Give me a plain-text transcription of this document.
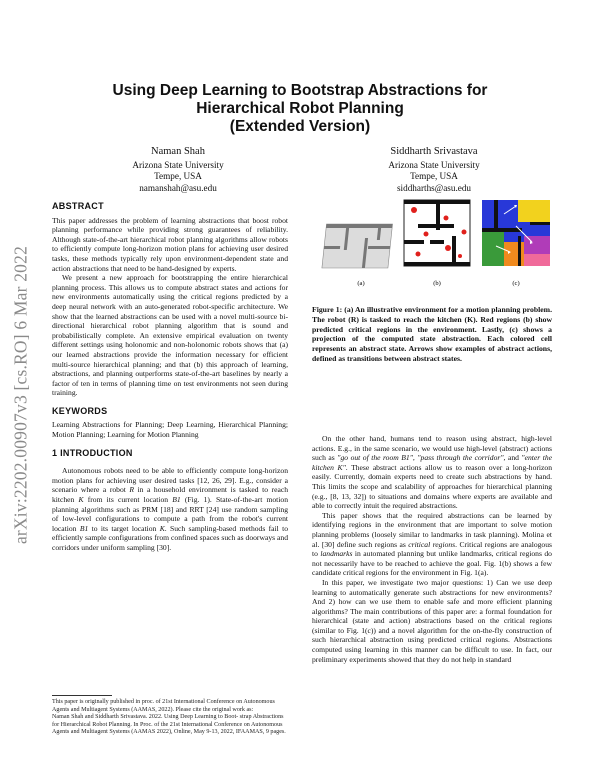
arXiv:2202.00907v3 [cs.RO] 6 Mar 2022
Using Deep Learning to Bootstrap Abstractions for
Hierarchical Robot Planning
(Extended Version)
Naman Shah
Arizona State University
Tempe, USA
namanshah@asu.edu
Siddharth Srivastava
Arizona State University
Tempe, USA
siddharths@asu.edu
ABSTRACT

This paper addresses the problem of learning abstractions that boost robot planning performance while providing strong guarantees of reliability. Although state-of-the-art hierarchical robot planning algorithms allow robots to efficiently compute long-horizon motion plans for achieving user desired tasks, these methods typically rely upon environment-dependent state and action abstractions that need to be hand-designed by experts.

We present a new approach for bootstrapping the entire hierarchical planning process. This allows us to compute abstract states and actions for new environments automatically using the critical regions predicted by a deep neural network with an auto-generated robot-specific architecture. We show that the learned abstractions can be used with a novel multi-source bi-directional hierarchical robot planning algorithm that is sound and probabilistically complete. An extensive empirical evaluation on twenty different settings using holonomic and non-holonomic robots shows that (a) our learned abstractions provide the information necessary for efficient multi-source hierarchical planning; and that (b) this approach of learning, abstractions, and planning outperforms state-of-the-art baselines by nearly a factor of ten in terms of planning time on test environments not seen during training.

KEYWORDS

Learning Abstractions for Planning; Deep Learning, Hierarchical Planning; Motion Planning; Learning for Motion Planning

1 INTRODUCTION

Autonomous robots need to be able to efficiently compute long-horizon motion plans for achieving user desired tasks [12, 26, 29]. E.g., consider a scenario where a robot R in a household environment is tasked to reach kitchen K from its current location B1 (Fig. 1). State-of-the-art motion planning algorithms such as PRM [18] and RRT [24] use random sampling of low-level configurations to compute a path from the robot's current location B1 to its target location K. Such sampling-based methods fail to efficiently sample configurations from confined spaces such as doorways and corridors under uniform sampling [30].

This paper is originally published in proc. of 21st International Conference on Autonomous Agents and Multiagent Systems (AAMAS, 2022). Please cite the original work as:
Naman Shah and Siddharth Srivastava. 2022. Using Deep Learning to Boot- strap Abstractions for Hierarchical Robot Planning. In Proc. of the 21st International Conference on Autonomous Agents and Multiagent Systems (AAMAS 2022), Online, May 9-13, 2022, IFAAMAS, 9 pages.
(a)	(b)	(c)
Figure 1: (a) An illustrative environment for a motion planning problem. The robot (R) is tasked to reach the kitchen (K). Red regions (b) show predicted critical regions in the environment. Lastly, (c) shows a projection of the computed state abstraction. Each colored cell represents an abstract state. Arrows show examples of abstract actions, defined as transitions between abstract states.

On the other hand, humans tend to reason using abstract, high-level actions. E.g., in the same scenario, we would use high-level (abstract) actions such as "go out of the room B1", "pass through the corridor", and "enter the kitchen K". These abstract actions allow us to reason over a long-horizon easily. Currently, domain experts need to create such abstractions by hand. This limits the scope and scalability of approaches for hierarchical planning (e.g., [8, 13, 32]) to situations and domains where experts are available and able to correctly intuit the required abstractions.

This paper shows that the required abstractions can be learned by identifying regions in the environment that are important to solve motion planning problems (loosely similar to landmarks in task planning). Molina et al. [30] define such regions as critical regions. Critical regions are analogous to landmarks in automated planning but unlike landmarks, critical regions do not necessarily have to be reached to achieve the goal. Fig. 1(b) shows a few candidate critical regions for the environment in Fig. 1(a).

In this paper, we investigate two major questions: 1) Can we use deep learning to automatically generate such abstractions for new environments? And 2) how can we use them to enable safe and more efficient planning algorithms? The main contributions of this paper are: a formal foundation for hierarchical (state and action) abstractions based on the critical regions (similar to Fig. 1(c)) and a novel algorithm for the on-the-fly construction of such hierarchical abstraction using predicted critical regions. Abstractions computed using learning in this manner can be difficult to use. In fact, our preliminary experiments showed that they do not help in standard
